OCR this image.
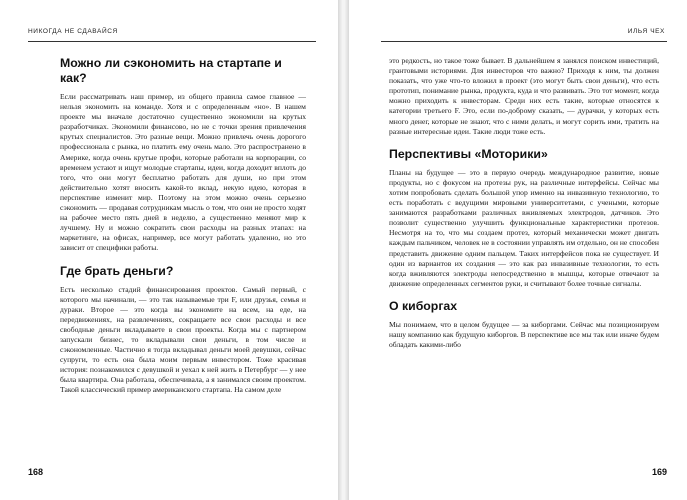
НИКОГДА НЕ СДАВАЙСЯ
Можно ли сэкономить на стартапе и как?

Если рассматривать наш пример, из общего правила самое главное — нельзя экономить на команде. Хотя и с определенным «но». В нашем проекте мы вначале достаточно существенно экономили на крутых разработчиках. Экономили финансово, но не с точки зрения привлечения крутых специалистов. Это разные вещи. Можно привлечь очень дорогого профессионала с рынка, но платить ему очень мало. Это распространено в Америке, когда очень крутые профи, которые работали на корпорации, со временем устают и ищут молодые стартапы, идеи, когда доходит вплоть до того, что они могут бесплатно работать для души, но при этом действительно хотят вносить какой-то вклад, некую идею, которая в перспективе изменит мир. Поэтому на этом можно очень серьезно сэкономить — продавая сотрудникам мысль о том, что они не просто ходят на рабочее место пять дней в неделю, а существенно меняют мир к лучшему. Ну и можно сократить свои расходы на разных этапах: на маркетинге, на офисах, например, все могут работать удаленно, но это зависит от специфики работы.

Где брать деньги?

Есть несколько стадий финансирования проектов. Самый первый, с которого мы начинали, — это так называемые три F, или друзья, семья и дураки. Второе — это когда вы экономите на всем, на еде, на передвижениях, на развлечениях, сокращаете все свои расходы и все свободные деньги вкладываете в свои проекты. Когда мы с партнером запускали бизнес, то вкладывали свои деньги, в том числе и сэкономленные. Частично я тогда вкладывал деньги моей девушки, сейчас супруги, то есть она была моим первым инвестором. Тоже красивая история: познакомился с девушкой и уехал к ней жить в Петербург — у нее была квартира. Она работала, обеспечивала, а я занимался своим проектом. Такой классический пример американского стартапа. На самом деле

168
ИЛЬЯ ЧЕХ

это редкость, но такое тоже бывает. В дальнейшем я занялся поиском инвестиций, грантовыми историями. Для инвесторов что важно? Приходя к ним, ты должен показать, что уже что-то вложил в проект (это могут быть свои деньги), что есть прототип, понимание рынка, продукта, куда и что развивать. Это тот момент, когда можно приходить к инвесторам. Среди них есть такие, которые относятся к категории третьего F. Это, если по-доброму сказать, — дурачки, у которых есть много денег, которые не знают, что с ними делать, и могут сорить ими, тратить на разные интересные идеи. Такие люди тоже есть.

Перспективы «Моторики»

Планы на будущее — это в первую очередь международное развитие, новые продукты, но с фокусом на протезы рук, на различные интерфейсы. Сейчас мы хотим попробовать сделать большой упор именно на инвазивную технологию, то есть поработать с ведущими мировыми университетами, с учеными, которые занимаются разработками различных вживляемых электродов, датчиков. Это позволит существенно улучшить функциональные характеристики протезов. Несмотря на то, что мы создаем протез, который механически может двигать каждым пальчиком, человек не в состоянии управлять им отдельно, он не способен представить движение одним пальцем. Таких интерфейсов пока не существует. И один из вариантов их создания — это как раз инвазивные технологии, то есть когда вживляются электроды непосредственно в мышцы, которые отвечают за движение определенных сегментов руки, и считывают более точные сигналы.

О киборгах

Мы понимаем, что в целом будущее — за киборгами. Сейчас мы позиционируем нашу компанию как будущую киборгов. В перспективе все мы так или иначе будем обладать какими-либо

169
